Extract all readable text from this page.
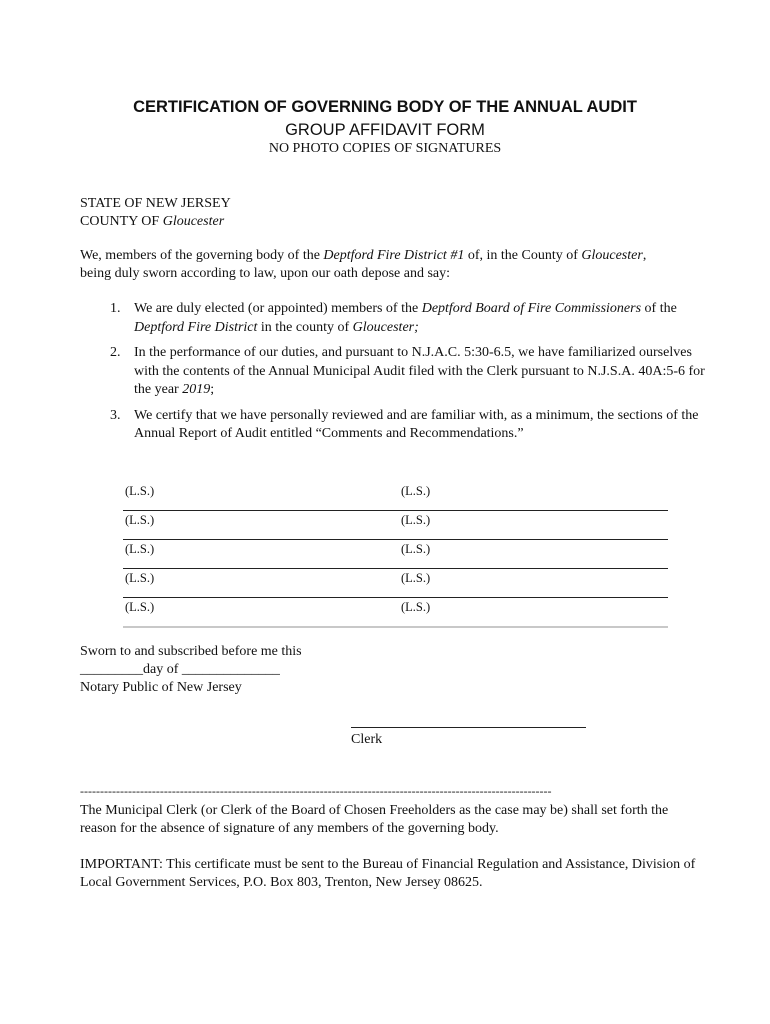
CERTIFICATION OF GOVERNING BODY OF THE ANNUAL AUDIT
GROUP AFFIDAVIT FORM
NO PHOTO COPIES OF SIGNATURES
STATE OF NEW JERSEY
COUNTY OF Gloucester
We, members of the governing body of the Deptford Fire District #1 of, in the County of Gloucester,
being duly sworn according to law, upon our oath depose and say:
1. We are duly elected (or appointed) members of the Deptford Board of Fire Commissioners of the Deptford Fire District in the county of Gloucester;
2. In the performance of our duties, and pursuant to N.J.A.C. 5:30-6.5, we have familiarized ourselves with the contents of the Annual Municipal Audit filed with the Clerk pursuant to N.J.S.A. 40A:5-6 for the year 2019;
3. We certify that we have personally reviewed and are familiar with, as a minimum, the sections of the Annual Report of Audit entitled “Comments and Recommendations.”
(L.S.)	(L.S.)
(L.S.)	(L.S.)
(L.S.)	(L.S.)
(L.S.)	(L.S.)
(L.S.)	(L.S.)
Sworn to and subscribed before me this
_________day of ______________
Notary Public of New Jersey
Clerk
----------------------------------------------------------------------------------------------------------------------
The Municipal Clerk (or Clerk of the Board of Chosen Freeholders as the case may be) shall set forth the reason for the absence of signature of any members of the governing body.
IMPORTANT: This certificate must be sent to the Bureau of Financial Regulation and Assistance, Division of Local Government Services, P.O. Box 803, Trenton, New Jersey 08625.
